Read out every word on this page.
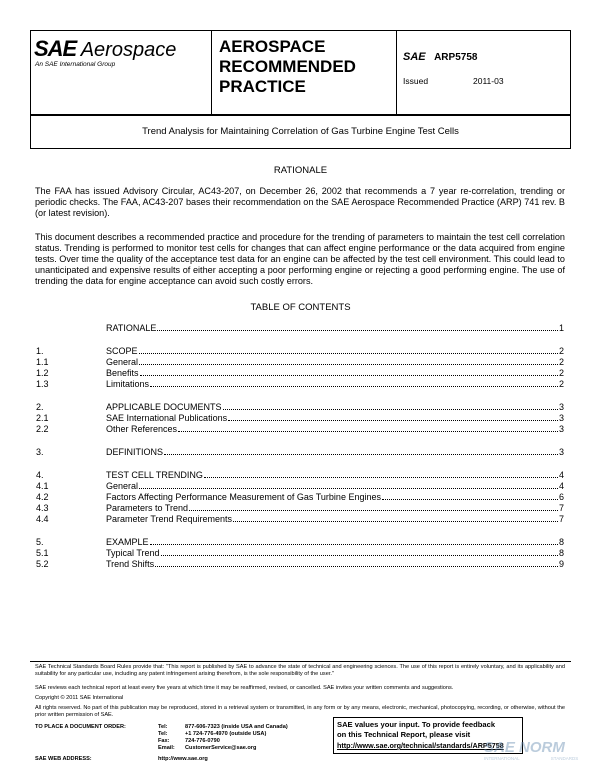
SAE Aerospace
An SAE International Group
AEROSPACE
RECOMMENDED
PRACTICE
SAE ARP5758
Issued	2011-03
Trend Analysis for Maintaining Correlation of Gas Turbine Engine Test Cells
RATIONALE
The FAA has issued Advisory Circular, AC43-207, on December 26, 2002 that recommends a 7 year re-correlation, trending or periodic checks. The FAA, AC43-207 bases their recommendation on the SAE Aerospace Recommended Practice (ARP) 741 rev. B (or latest revision).
This document describes a recommended practice and procedure for the trending of parameters to maintain the test cell correlation status. Trending is performed to monitor test cells for changes that can affect engine performance or the data acquired from engine tests. Over time the quality of the acceptance test data for an engine can be affected by the test cell environment. This could lead to unanticipated and expensive results of either accepting a poor performing engine or rejecting a good performing engine. The use of trending the data for engine acceptance can avoid such costly errors.
TABLE OF CONTENTS
RATIONALE	1
1.	SCOPE	2
1.1	General	2
1.2	Benefits	2
1.3	Limitations	2
2.	APPLICABLE DOCUMENTS	3
2.1	SAE International Publications	3
2.2	Other References	3
3.	DEFINITIONS	3
4.	TEST CELL TRENDING	4
4.1	General	4
4.2	Factors Affecting Performance Measurement of Gas Turbine Engines	6
4.3	Parameters to Trend	7
4.4	Parameter Trend Requirements	7
5.	EXAMPLE	8
5.1	Typical Trend	8
5.2	Trend Shifts	9
SAE Technical Standards Board Rules provide that: "This report is published by SAE to advance the state of technical and engineering sciences. The use of this report is entirely voluntary, and its applicability and suitability for any particular use, including any patent infringement arising therefrom, is the sole responsibility of the user."
SAE reviews each technical report at least every five years at which time it may be reaffirmed, revised, or cancelled. SAE invites your written comments and suggestions.
Copyright © 2011 SAE International
All rights reserved. No part of this publication may be reproduced, stored in a retrieval system or transmitted, in any form or by any means, electronic, mechanical, photocopying, recording, or otherwise, without the prior written permission of SAE.
TO PLACE A DOCUMENT ORDER:	Tel:	877-606-7323 (inside USA and Canada)
Tel:	+1 724-776-4970 (outside USA)
Fax:	724-776-0790
Email: CustomerService@sae.org
SAE WEB ADDRESS:	http://www.sae.org
SAE values your input. To provide feedback
on this Technical Report, please visit
http://www.sae.org/technical/standards/ARP5758
SAE NORM
INTERNATIONAL	STANDARDS
